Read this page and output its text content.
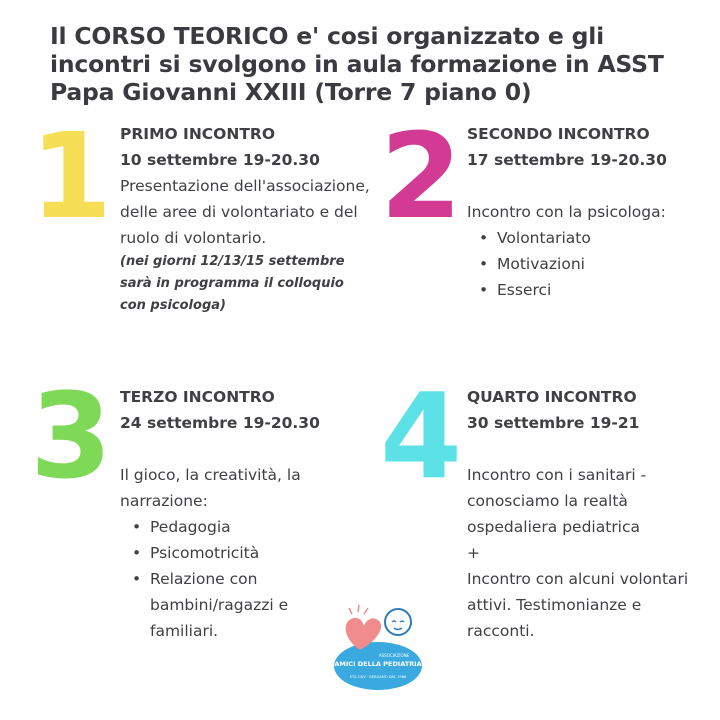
Il CORSO TEORICO e' cosi organizzato e gli incontri si svolgono in aula formazione in ASST Papa Giovanni XXIII (Torre 7 piano 0)
1 PRIMO INCONTRO
10 settembre 19-20.30
Presentazione dell'associazione, delle aree di volontariato e del ruolo di volontario.
(nei giorni 12/13/15 settembre sarà in programma il colloquio con psicologa)
2 SECONDO INCONTRO
17 settembre 19-20.30
Incontro con la psicologa:
• Volontariato
• Motivazioni
• Esserci
3 TERZO INCONTRO
24 settembre 19-20.30
Il gioco, la creatività, la narrazione:
• Pedagogia
• Psicomotricità
• Relazione con bambini/ragazzi e familiari.
4 QUARTO INCONTRO
30 settembre 19-21
Incontro con i sanitari - conosciamo la realtà ospedaliera pediatrica
+
Incontro con alcuni volontari attivi. Testimonianze e racconti.
ASSOCIAZIONE
AMICI DELLA PEDIATRIA
ETS-ODV · BERGAMO DAL 1986
